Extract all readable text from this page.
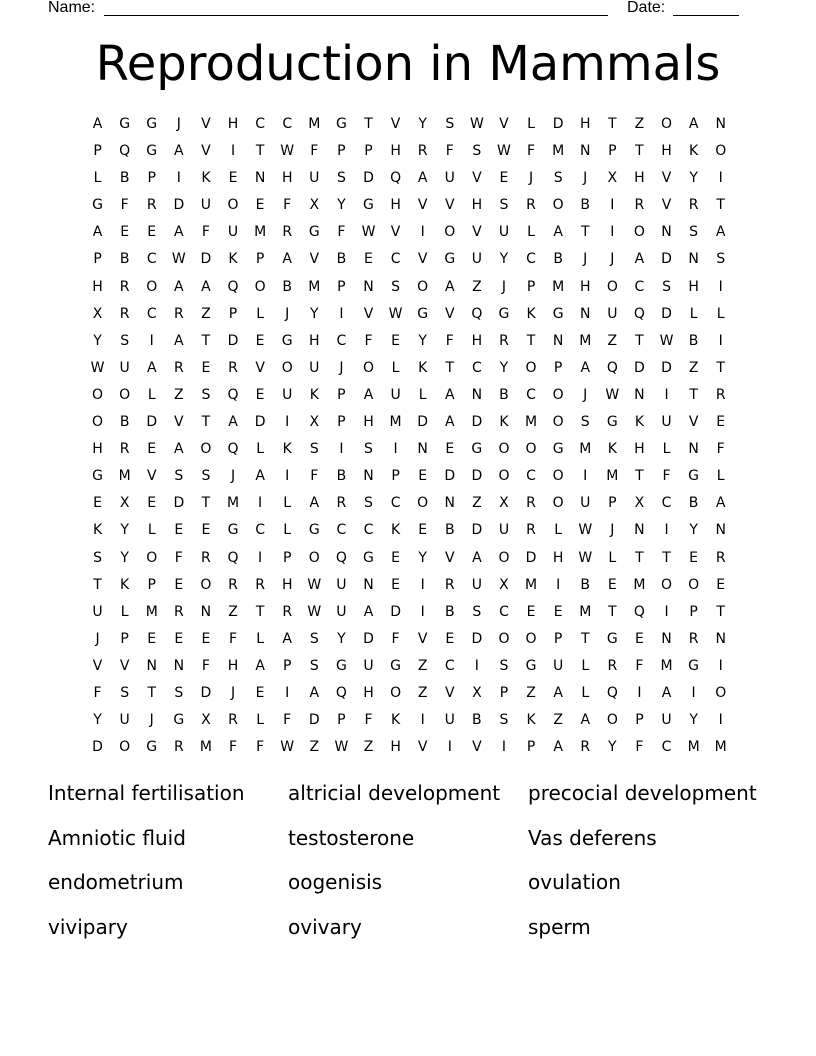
Name:	Date:
Reproduction in Mammals
A	G	G	J	V	H	C	C	M	G	T	V	Y	S	W	V	L	D	H	T	Z	O	A	N
P	Q	G	A	V	I	T	W	F	P	P	H	R	F	S	W	F	M	N	P	T	H	K	O
L	B	P	I	K	E	N	H	U	S	D	Q	A	U	V	E	J	S	J	X	H	V	Y	I
G	F	R	D	U	O	E	F	X	Y	G	H	V	V	H	S	R	O	B	I	R	V	R	T
A	E	E	A	F	U	M	R	G	F	W	V	I	O	V	U	L	A	T	I	O	N	S	A
P	B	C	W	D	K	P	A	V	B	E	C	V	G	U	Y	C	B	J	J	A	D	N	S
H	R	O	A	A	Q	O	B	M	P	N	S	O	A	Z	J	P	M	H	O	C	S	H	I
X	R	C	R	Z	P	L	J	Y	I	V	W	G	V	Q	G	K	G	N	U	Q	D	L	L
Y	S	I	A	T	D	E	G	H	C	F	E	Y	F	H	R	T	N	M	Z	T	W	B	I
W	U	A	R	E	R	V	O	U	J	O	L	K	T	C	Y	O	P	A	Q	D	D	Z	T
O	O	L	Z	S	Q	E	U	K	P	A	U	L	A	N	B	C	O	J	W	N	I	T	R
O	B	D	V	T	A	D	I	X	P	H	M	D	A	D	K	M	O	S	G	K	U	V	E
H	R	E	A	O	Q	L	K	S	I	S	I	N	E	G	O	O	G	M	K	H	L	N	F
G	M	V	S	S	J	A	I	F	B	N	P	E	D	D	O	C	O	I	M	T	F	G	L
E	X	E	D	T	M	I	L	A	R	S	C	O	N	Z	X	R	O	U	P	X	C	B	A
K	Y	L	E	E	G	C	L	G	C	C	K	E	B	D	U	R	L	W	J	N	I	Y	N
S	Y	O	F	R	Q	I	P	O	Q	G	E	Y	V	A	O	D	H	W	L	T	T	E	R
T	K	P	E	O	R	R	H	W	U	N	E	I	R	U	X	M	I	B	E	M	O	O	E
U	L	M	R	N	Z	T	R	W	U	A	D	I	B	S	C	E	E	M	T	Q	I	P	T
J	P	E	E	E	F	L	A	S	Y	D	F	V	E	D	O	O	P	T	G	E	N	R	N
V	V	N	N	F	H	A	P	S	G	U	G	Z	C	I	S	G	U	L	R	F	M	G	I
F	S	T	S	D	J	E	I	A	Q	H	O	Z	V	X	P	Z	A	L	Q	I	A	I	O
Y	U	J	G	X	R	L	F	D	P	F	K	I	U	B	S	K	Z	A	O	P	U	Y	I
D	O	G	R	M	F	F	W	Z	W	Z	H	V	I	V	I	P	A	R	Y	F	C	M	M
Internal fertilisation	altricial development	precocial development
Amniotic fluid	testosterone	Vas deferens
endometrium	oogenisis	ovulation
vivipary	ovivary	sperm
